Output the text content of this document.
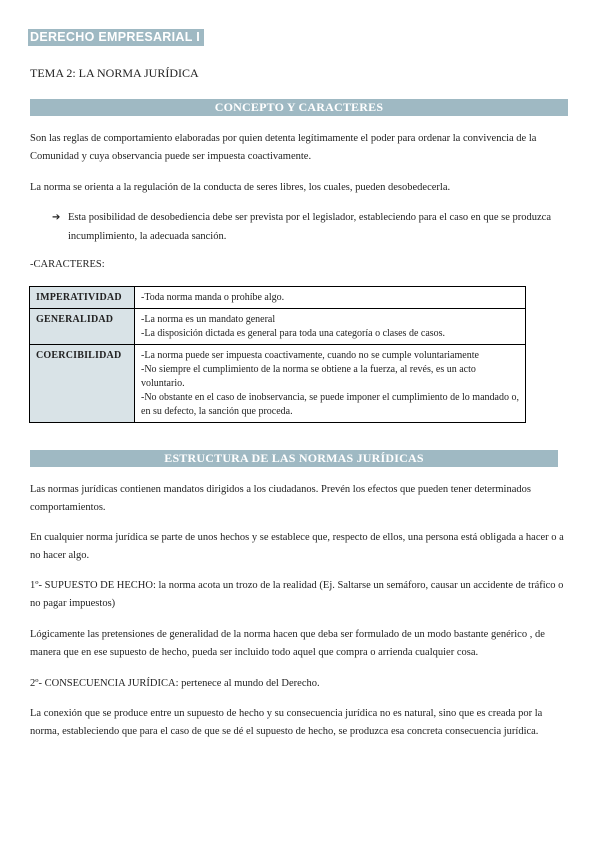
DERECHO EMPRESARIAL I
TEMA 2: LA NORMA JURÍDICA
CONCEPTO Y CARACTERES

Son las reglas de comportamiento elaboradas por quien detenta legítimamente el poder para ordenar la convivencia de la Comunidad y cuya observancia puede ser impuesta coactivamente.

La norma se orienta a la regulación de la conducta de seres libres, los cuales, pueden desobedecerla.

➔ Esta posibilidad de desobediencia debe ser prevista por el legislador, estableciendo para el caso en que se produzca incumplimiento, la adecuada sanción.
-CARACTERES:
IMPERATIVIDAD	-Toda norma manda o prohíbe algo.

GENERALIDAD	-La norma es un mandato general
-La disposición dictada es general para toda una categoría o clases de casos.

COERCIBILIDAD	-La norma puede ser impuesta coactivamente, cuando no se cumple voluntariamente
-No siempre el cumplimiento de la norma se obtiene a la fuerza, al revés, es un acto voluntario.
-No obstante en el caso de inobservancia, se puede imponer el cumplimiento de lo mandado o, en su defecto, la sanción que proceda.
ESTRUCTURA DE LAS NORMAS JURÍDICAS

Las normas jurídicas contienen mandatos dirigidos a los ciudadanos. Prevén los efectos que pueden tener determinados comportamientos.

En cualquier norma jurídica se parte de unos hechos y se establece que, respecto de ellos, una persona está obligada a hacer o a no hacer algo.

1º- SUPUESTO DE HECHO: la norma acota un trozo de la realidad (Ej. Saltarse un semáforo, causar un accidente de tráfico o no pagar impuestos)

Lógicamente las pretensiones de generalidad de la norma hacen que deba ser formulado de un modo bastante genérico , de manera que en ese supuesto de hecho, pueda ser incluido todo aquel que compra o arrienda cualquier cosa.

2º- CONSECUENCIA JURÍDICA: pertenece al mundo del Derecho.

La conexión que se produce entre un supuesto de hecho y su consecuencia jurídica no es natural, sino que es creada por la norma, estableciendo que para el caso de que se dé el supuesto de hecho, se produzca esa concreta consecuencia jurídica.
